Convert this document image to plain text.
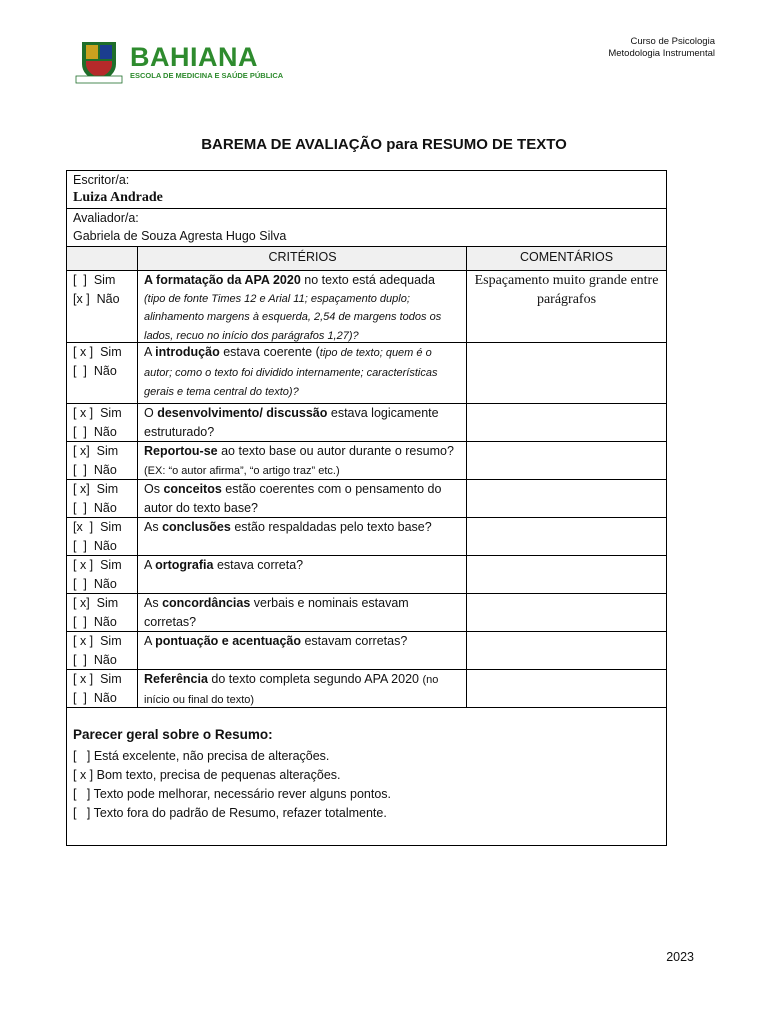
BAHIANA
ESCOLA DE MEDICINA E SAÚDE PÚBLICA
Curso de Psicologia
Metodologia Instrumental
BAREMA DE AVALIAÇÃO para RESUMO DE TEXTO
Escritor/a:
Luiza Andrade
Avaliador/a:
Gabriela de Souza Agresta Hugo Silva
CRITÉRIOS	COMENTÁRIOS
[  ]  Sim
[x ]  Não
A formatação da APA 2020 no texto está adequada
(tipo de fonte Times 12 e Arial 11; espaçamento duplo; alinhamento margens à esquerda, 2,54 de margens todos os lados, recuo no início dos parágrafos 1,27)?
Espaçamento muito grande entre parágrafos
[ x ]  Sim
[  ]  Não
A introdução estava coerente (tipo de texto; quem é o autor; como o texto foi dividido internamente; características gerais e tema central do texto)?
[ x ]  Sim
[  ]  Não
O desenvolvimento/ discussão estava logicamente estruturado?
[ x]  Sim
[  ]  Não
Reportou-se ao texto base ou autor durante o resumo? (EX: “o autor afirma”, “o artigo traz” etc.)
[ x]  Sim
[  ]  Não
Os conceitos estão coerentes com o pensamento do autor do texto base?
[x  ]  Sim
[  ]  Não
As conclusões estão respaldadas pelo texto base?
[ x ]  Sim
[  ]  Não
A ortografia estava correta?
[ x]  Sim
[  ]  Não
As concordâncias verbais e nominais estavam corretas?
[ x ]  Sim
[  ]  Não
A pontuação e acentuação estavam corretas?
[ x ]  Sim
[  ]  Não
Referência do texto completa segundo APA 2020 (no início ou final do texto)
Parecer geral sobre o Resumo:
[   ] Está excelente, não precisa de alterações.
[ x ] Bom texto, precisa de pequenas alterações.
[   ] Texto pode melhorar, necessário rever alguns pontos.
[   ] Texto fora do padrão de Resumo, refazer totalmente.
2023
